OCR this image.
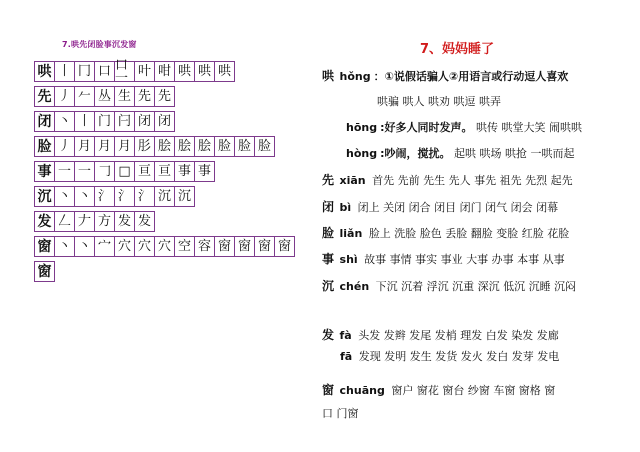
7.哄先闭脸事沉发窗
哄 丨 冂 口 口一 叶 咁 哄 哄 哄
先 丿 𠂉 丛 生 先 先
闭 丶 丨 门 闩 闭 闭
脸 丿 月 月 月 肜 脍 脍 脍 脸 脸 脸
事 一 一 𠃌 □ 亘 亘 事 事
沉 丶 丶 氵 氵 氵 沉 沉
发 𠃋 𠂇 方 发 发
窗 丶 丶 宀 穴 穴 穴 空 容 窗 窗 窗 窗
窗
7、妈妈睡了
哄 hǒng ：①说假话骗人②用语言或行动逗人喜欢
哄骗 哄人 哄劝 哄逗 哄弄
hōng :好多人同时发声。 哄传 哄堂大笑 闹哄哄
hòng :吵闹，搅扰。 起哄 哄场 哄抢 一哄而起
先 xiān 首先 先前 先生 先人 事先 祖先 先烈 起先
闭 bì 闭上 关闭 闭合 闭目 闭门 闭气 闭会 闭幕
脸 liǎn 脸上 洗脸 脸色 丢脸 翻脸 变脸 红脸 花脸
事 shì 故事 事情 事实 事业 大事 办事 本事 从事
沉 chén 下沉 沉着 浮沉 沉重 深沉 低沉 沉睡 沉闷
发 fà 头发 发辫 发尾 发梢 理发 白发 染发 发廊
fā 发现 发明 发生 发货 发火 发白 发芽 发电
窗 chuāng 窗户 窗花 窗台 纱窗 车窗 窗格 窗
口 门窗
